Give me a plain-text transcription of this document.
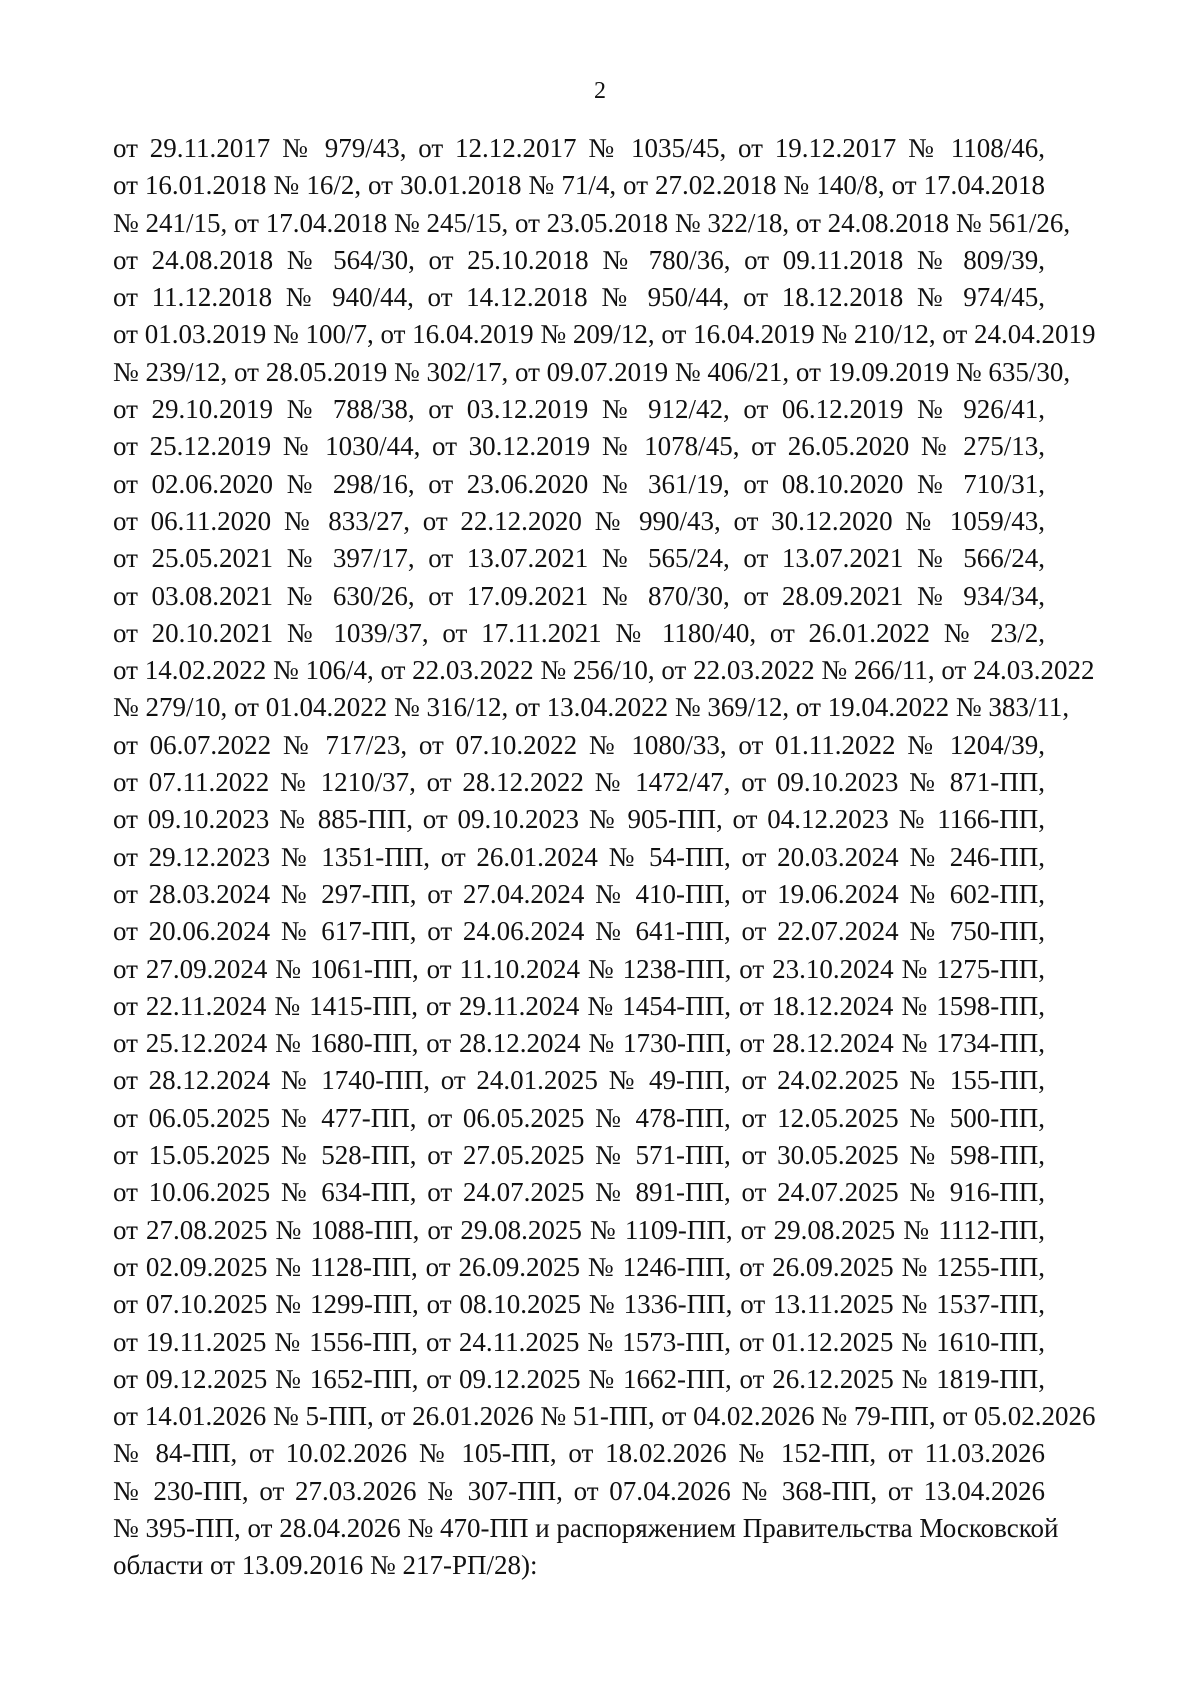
2
от 29.11.2017 № 979/43, от 12.12.2017 № 1035/45, от 19.12.2017 № 1108/46,
от 16.01.2018 № 16/2, от 30.01.2018 № 71/4, от 27.02.2018 № 140/8, от 17.04.2018
№ 241/15, от 17.04.2018 № 245/15, от 23.05.2018 № 322/18, от 24.08.2018 № 561/26,
от 24.08.2018 № 564/30, от 25.10.2018 № 780/36, от 09.11.2018 № 809/39,
от 11.12.2018 № 940/44, от 14.12.2018 № 950/44, от 18.12.2018 № 974/45,
от 01.03.2019 № 100/7, от 16.04.2019 № 209/12, от 16.04.2019 № 210/12, от 24.04.2019
№ 239/12, от 28.05.2019 № 302/17, от 09.07.2019 № 406/21, от 19.09.2019 № 635/30,
от 29.10.2019 № 788/38, от 03.12.2019 № 912/42, от 06.12.2019 № 926/41,
от 25.12.2019 № 1030/44, от 30.12.2019 № 1078/45, от 26.05.2020 № 275/13,
от 02.06.2020 № 298/16, от 23.06.2020 № 361/19, от 08.10.2020 № 710/31,
от 06.11.2020 № 833/27, от 22.12.2020 № 990/43, от 30.12.2020 № 1059/43,
от 25.05.2021 № 397/17, от 13.07.2021 № 565/24, от 13.07.2021 № 566/24,
от 03.08.2021 № 630/26, от 17.09.2021 № 870/30, от 28.09.2021 № 934/34,
от 20.10.2021 № 1039/37, от 17.11.2021 № 1180/40, от 26.01.2022 № 23/2,
от 14.02.2022 № 106/4, от 22.03.2022 № 256/10, от 22.03.2022 № 266/11, от 24.03.2022
№ 279/10, от 01.04.2022 № 316/12, от 13.04.2022 № 369/12, от 19.04.2022 № 383/11,
от 06.07.2022 № 717/23, от 07.10.2022 № 1080/33, от 01.11.2022 № 1204/39,
от 07.11.2022 № 1210/37, от 28.12.2022 № 1472/47, от 09.10.2023 № 871-ПП,
от 09.10.2023 № 885-ПП, от 09.10.2023 № 905-ПП, от 04.12.2023 № 1166-ПП,
от 29.12.2023 № 1351-ПП, от 26.01.2024 № 54-ПП, от 20.03.2024 № 246-ПП,
от 28.03.2024 № 297-ПП, от 27.04.2024 № 410-ПП, от 19.06.2024 № 602-ПП,
от 20.06.2024 № 617-ПП, от 24.06.2024 № 641-ПП, от 22.07.2024 № 750-ПП,
от 27.09.2024 № 1061-ПП, от 11.10.2024 № 1238-ПП, от 23.10.2024 № 1275-ПП,
от 22.11.2024 № 1415-ПП, от 29.11.2024 № 1454-ПП, от 18.12.2024 № 1598-ПП,
от 25.12.2024 № 1680-ПП, от 28.12.2024 № 1730-ПП, от 28.12.2024 № 1734-ПП,
от 28.12.2024 № 1740-ПП, от 24.01.2025 № 49-ПП, от 24.02.2025 № 155-ПП,
от 06.05.2025 № 477-ПП, от 06.05.2025 № 478-ПП, от 12.05.2025 № 500-ПП,
от 15.05.2025 № 528-ПП, от 27.05.2025 № 571-ПП, от 30.05.2025 № 598-ПП,
от 10.06.2025 № 634-ПП, от 24.07.2025 № 891-ПП, от 24.07.2025 № 916-ПП,
от 27.08.2025 № 1088-ПП, от 29.08.2025 № 1109-ПП, от 29.08.2025 № 1112-ПП,
от 02.09.2025 № 1128-ПП, от 26.09.2025 № 1246-ПП, от 26.09.2025 № 1255-ПП,
от 07.10.2025 № 1299-ПП, от 08.10.2025 № 1336-ПП, от 13.11.2025 № 1537-ПП,
от 19.11.2025 № 1556-ПП, от 24.11.2025 № 1573-ПП, от 01.12.2025 № 1610-ПП,
от 09.12.2025 № 1652-ПП, от 09.12.2025 № 1662-ПП, от 26.12.2025 № 1819-ПП,
от 14.01.2026 № 5-ПП, от 26.01.2026 № 51-ПП, от 04.02.2026 № 79-ПП, от 05.02.2026
№ 84-ПП, от 10.02.2026 № 105-ПП, от 18.02.2026 № 152-ПП, от 11.03.2026
№ 230-ПП, от 27.03.2026 № 307-ПП, от 07.04.2026 № 368-ПП, от 13.04.2026
№ 395-ПП, от 28.04.2026 № 470-ПП и распоряжением Правительства Московской
области от 13.09.2016 № 217-РП/28):
